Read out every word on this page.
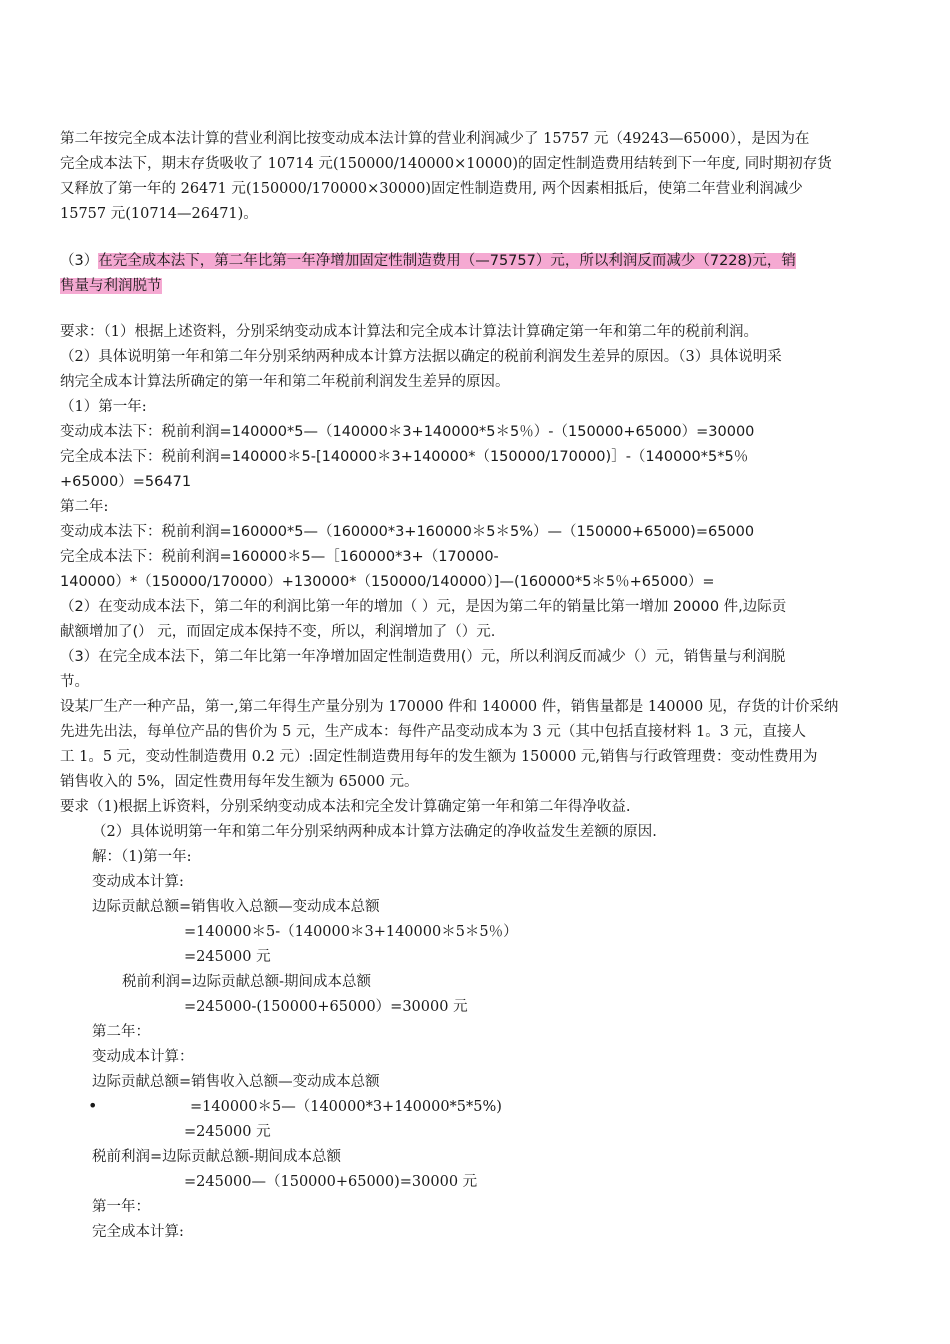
第二年按完全成本法计算的营业利润比按变动成本法计算的营业利润减少了 15757 元（49243—65000），是因为在
完全成本法下，期末存货吸收了 10714 元(150000/140000×10000)的固定性制造费用结转到下一年度, 同时期初存货
又释放了第一年的 26471 元(150000/170000×30000)固定性制造费用, 两个因素相抵后，使第二年营业利润减少
15757 元(10714—26471)。
（3）在完全成本法下，第二年比第一年净增加固定性制造费用（—75757）元，所以利润反而减少（7228)元，销
售量与利润脱节
要求：（1）根据上述资料，分别采纳变动成本计算法和完全成本计算法计算确定第一年和第二年的税前利润。
（2）具体说明第一年和第二年分别采纳两种成本计算方法据以确定的税前利润发生差异的原因。（3）具体说明采
纳完全成本计算法所确定的第一年和第二年税前利润发生差异的原因。
（1）第一年:
变动成本法下：税前利润=140000*5—（140000＊3+140000*5＊5％）-（150000+65000）=30000
完全成本法下：税前利润=140000＊5-[140000＊3+140000*（150000/170000)］-（140000*5*5％
+65000）=56471
第二年:
变动成本法下：税前利润=160000*5—（160000*3+160000＊5＊5%）—（150000+65000)=65000
完全成本法下：税前利润=160000＊5—［160000*3+（170000-
140000）*（150000/170000）+130000*（150000/140000）]—(160000*5＊5％+65000）=
（2）在变动成本法下，第二年的利润比第一年的增加（ ）元，是因为第二年的销量比第一增加 20000 件,边际贡
献额增加了(） 元，而固定成本保持不变，所以，利润增加了（）元.
（3）在完全成本法下，第二年比第一年净增加固定性制造费用(）元，所以利润反而减少（）元，销售量与利润脱
节。
设某厂生产一种产品，第一,第二年得生产量分别为 170000 件和 140000 件，销售量都是 140000 见，存货的计价采纳
先进先出法，每单位产品的售价为 5 元，生产成本：每件产品变动成本为 3 元（其中包括直接材料 1。3 元，直接人
工 1。5 元，变动性制造费用 0.2 元）:固定性制造费用每年的发生额为 150000 元,销售与行政管理费：变动性费用为
销售收入的 5%，固定性费用每年发生额为 65000 元。
要求（1)根据上诉资料，分别采纳变动成本法和完全发计算确定第一年和第二年得净收益.
（2）具体说明第一年和第二年分别采纳两种成本计算方法确定的净收益发生差额的原因.
解：（1)第一年:
变动成本计算:
边际贡献总额=销售收入总额—变动成本总额
=140000＊5-（140000＊3+140000＊5＊5％）
=245000 元
税前利润=边际贡献总额-期间成本总额
=245000-(150000+65000）=30000 元
第二年：
变动成本计算：
边际贡献总额=销售收入总额—变动成本总额
•	=140000＊5—（140000*3+140000*5*5%)
=245000 元
税前利润=边际贡献总额-期间成本总额
=245000—（150000+65000)=30000 元
第一年：
完全成本计算:
